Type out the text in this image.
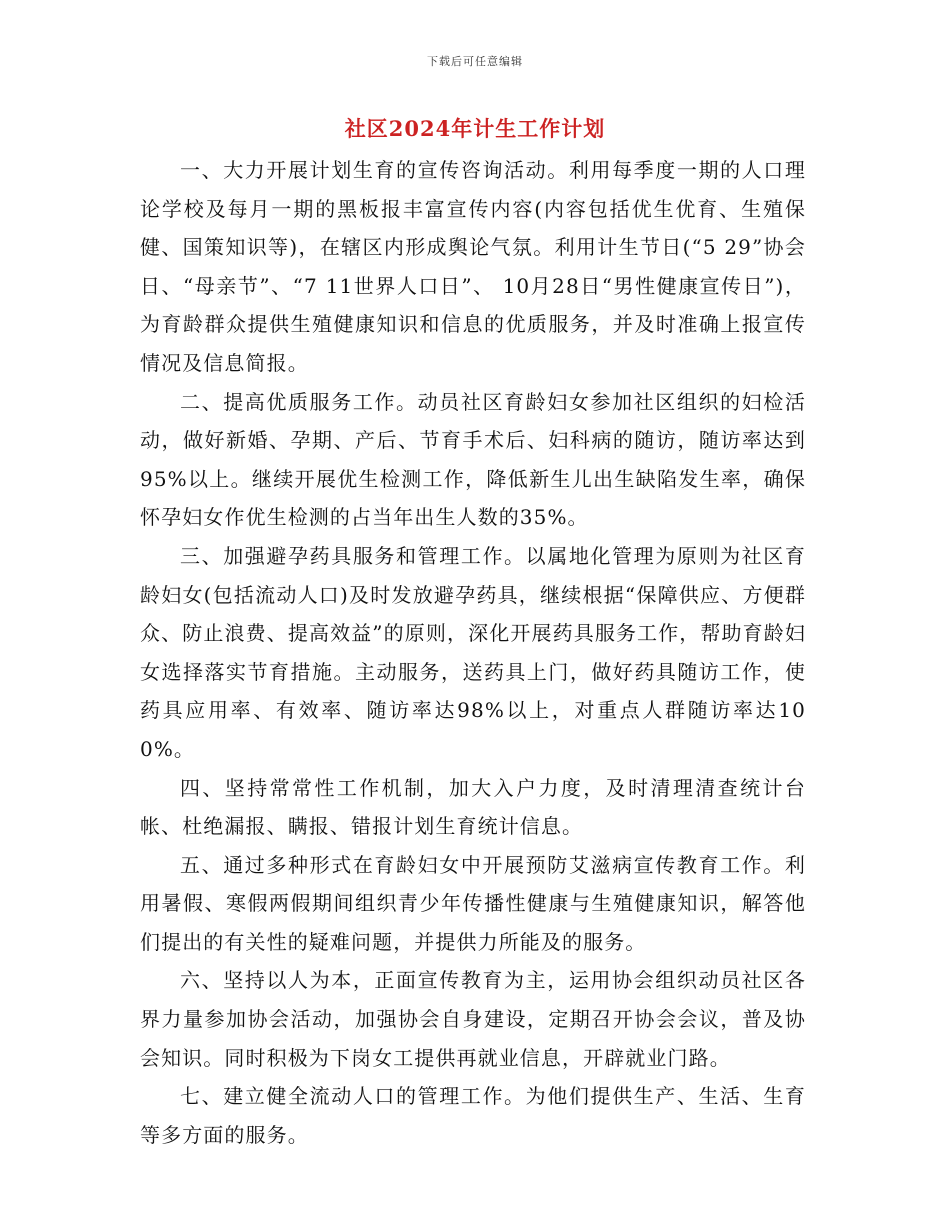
下载后可任意编辑
社区2024年计生工作计划

一、大力开展计划生育的宣传咨询活动。利用每季度一期的人口理论学校及每月一期的黑板报丰富宣传内容(内容包括优生优育、生殖保健、国策知识等)，在辖区内形成舆论气氛。利用计生节日(“5 29”协会日、“母亲节”、“7 11世界人口日”、 10月28日“男性健康宣传日”)，为育龄群众提供生殖健康知识和信息的优质服务，并及时准确上报宣传情况及信息简报。

二、提高优质服务工作。动员社区育龄妇女参加社区组织的妇检活动，做好新婚、孕期、产后、节育手术后、妇科病的随访，随访率达到95%以上。继续开展优生检测工作，降低新生儿出生缺陷发生率，确保怀孕妇女作优生检测的占当年出生人数的35%。

三、加强避孕药具服务和管理工作。以属地化管理为原则为社区育龄妇女(包括流动人口)及时发放避孕药具，继续根据“保障供应、方便群众、防止浪费、提高效益”的原则，深化开展药具服务工作，帮助育龄妇女选择落实节育措施。主动服务，送药具上门，做好药具随访工作，使药具应用率、有效率、随访率达98%以上，对重点人群随访率达100%。

四、坚持常常性工作机制，加大入户力度，及时清理清查统计台帐、杜绝漏报、瞒报、错报计划生育统计信息。

五、通过多种形式在育龄妇女中开展预防艾滋病宣传教育工作。利用暑假、寒假两假期间组织青少年传播性健康与生殖健康知识，解答他们提出的有关性的疑难问题，并提供力所能及的服务。

六、坚持以人为本，正面宣传教育为主，运用协会组织动员社区各界力量参加协会活动，加强协会自身建设，定期召开协会会议，普及协会知识。同时积极为下岗女工提供再就业信息，开辟就业门路。

七、建立健全流动人口的管理工作。为他们提供生产、生活、生育等多方面的服务。
